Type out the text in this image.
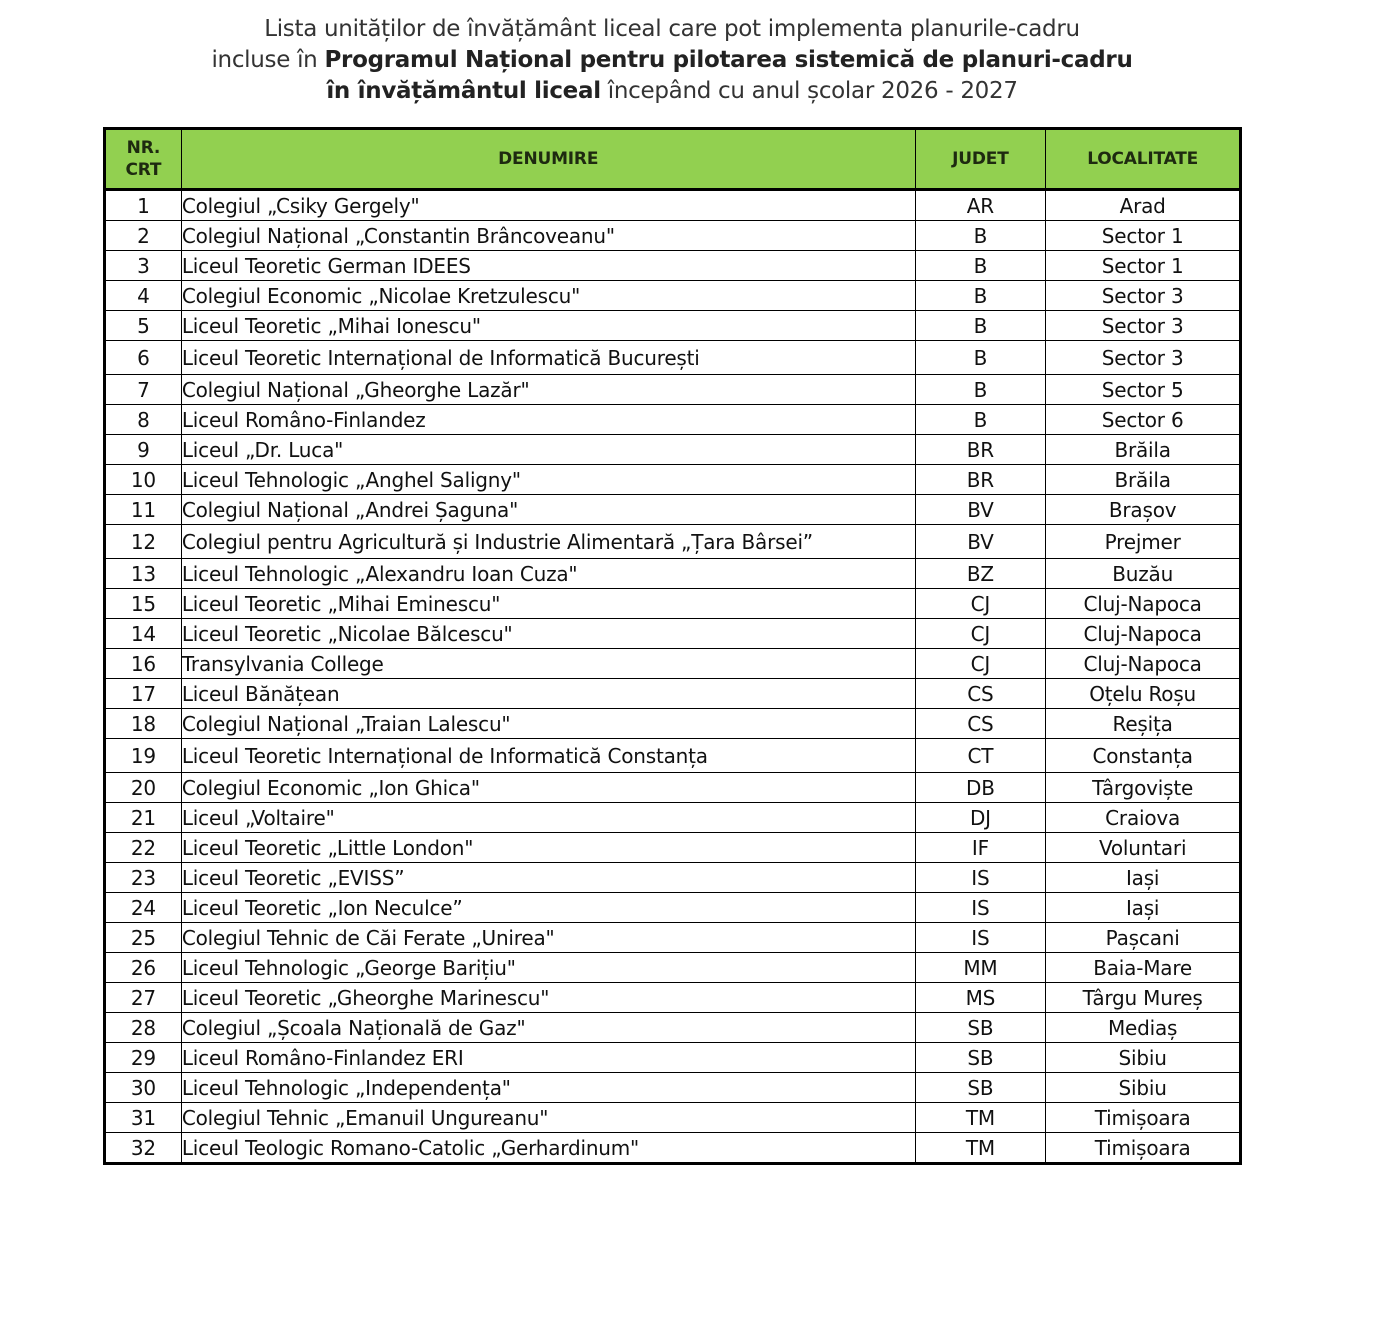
Lista unităților de învățământ liceal care pot implementa planurile-cadru
incluse în Programul Național pentru pilotarea sistemică de planuri-cadru
în învățământul liceal începând cu anul școlar 2026 - 2027
NR.
CRT	DENUMIRE	JUDET	LOCALITATE
1	Colegiul „Csiky Gergely"	AR	Arad
2	Colegiul Național „Constantin Brâncoveanu"	B	Sector 1
3	Liceul Teoretic German IDEES	B	Sector 1
4	Colegiul Economic „Nicolae Kretzulescu"	B	Sector 3
5	Liceul Teoretic „Mihai Ionescu"	B	Sector 3
6	Liceul Teoretic Internațional de Informatică București	B	Sector 3
7	Colegiul Național „Gheorghe Lazăr"	B	Sector 5
8	Liceul Româno-Finlandez	B	Sector 6
9	Liceul „Dr. Luca"	BR	Brăila
10	Liceul Tehnologic „Anghel Saligny"	BR	Brăila
11	Colegiul Național „Andrei Șaguna"	BV	Brașov
12	Colegiul pentru Agricultură și Industrie Alimentară „Țara Bârsei”	BV	Prejmer
13	Liceul Tehnologic „Alexandru Ioan Cuza"	BZ	Buzău
15	Liceul Teoretic „Mihai Eminescu"	CJ	Cluj-Napoca
14	Liceul Teoretic „Nicolae Bălcescu"	CJ	Cluj-Napoca
16	Transylvania College	CJ	Cluj-Napoca
17	Liceul Bănățean	CS	Oțelu Roșu
18	Colegiul Național „Traian Lalescu"	CS	Reșița
19	Liceul Teoretic Internațional de Informatică Constanța	CT	Constanța
20	Colegiul Economic „Ion Ghica"	DB	Târgoviște
21	Liceul „Voltaire"	DJ	Craiova
22	Liceul Teoretic „Little London"	IF	Voluntari
23	Liceul Teoretic „EVISS”	IS	Iași
24	Liceul Teoretic „Ion Neculce”	IS	Iași
25	Colegiul Tehnic de Căi Ferate „Unirea"	IS	Pașcani
26	Liceul Tehnologic „George Barițiu"	MM	Baia-Mare
27	Liceul Teoretic „Gheorghe Marinescu"	MS	Târgu Mureș
28	Colegiul „Școala Națională de Gaz"	SB	Mediaș
29	Liceul Româno-Finlandez ERI	SB	Sibiu
30	Liceul Tehnologic „Independența"	SB	Sibiu
31	Colegiul Tehnic „Emanuil Ungureanu"	TM	Timișoara
32	Liceul Teologic Romano-Catolic „Gerhardinum"	TM	Timișoara
